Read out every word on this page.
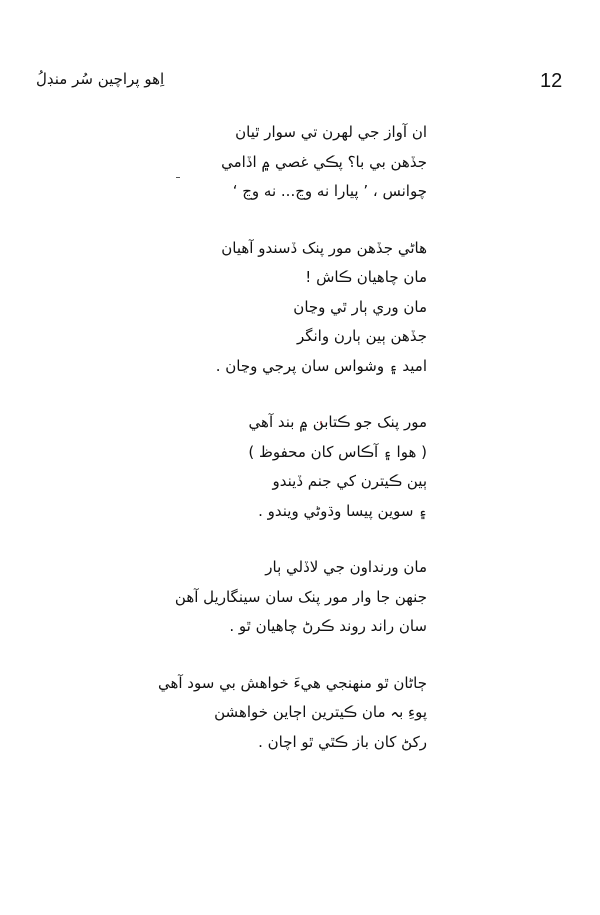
12
اِهو پراچين سُر منڊلُ
ان آواز جي لهرن تي سوار ٿيان
جڏهن بي با؟ پڪي غصي ۾ اڏامي
چوانس ، ’ پيارا نه وڃ... نه وڃ ‘
هاڻي جڏهن مور پنک ڏسندو آهيان
مان چاهيان ڪاش !
مان وري ٻار ٿي وڃان
جڏهن ٻين ٻارن وانگر
اميد ۽ وشواس سان پرجي وڃان .
مور پنک جو ڪتابن ۾ بند آهي
( هوا ۽ آڪاس کان محفوظ )
ٻين ڪيترن کي جنم ڏيندو
۽ سوين پيسا وڌوڻي ويندو .
مان ورنداون جي لاڏلي ٻار
جنهن جا وار مور پنک سان سينگاريل آهن
سان راند روند ڪرڻ چاهيان ٿو .
ڄاڻان ٿو منهنجي هيءَ خواهش بي سود آهي
پوءِ بہ مان ڪيترين اڄاين خواهشن
رکڻ کان باز ڪٿي ٿو اچان .
